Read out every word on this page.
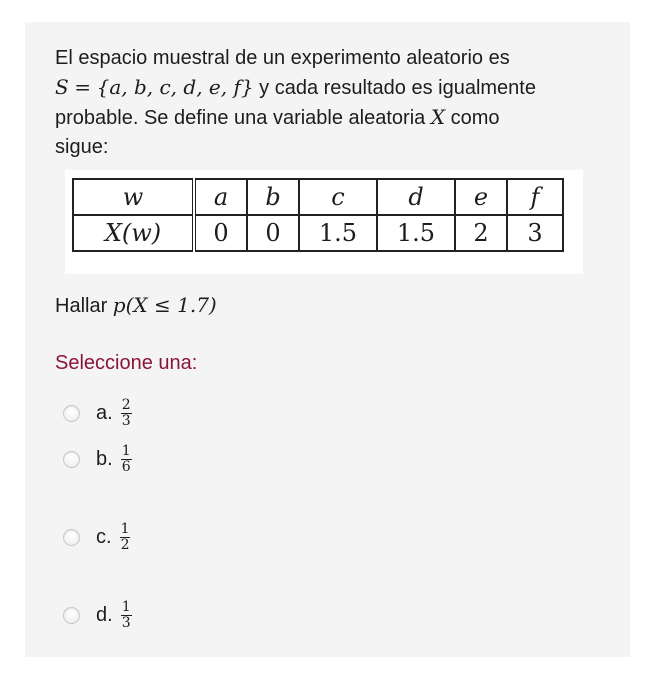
El espacio muestral de un experimento aleatorio es

S = {a, b, c, d, e, f} y cada resultado es igualmente

probable. Se define una variable aleatoria X como

sigue:

w	a	b	c	d	e	f
X(w)	0	0	1.5	1.5	2	3
Hallar p(X ≤ 1.7)
Seleccione una:
a. $\frac{2}{3}$
b. $\frac{1}{6}$
c. $\frac{1}{2}$
d. $\frac{1}{3}$
